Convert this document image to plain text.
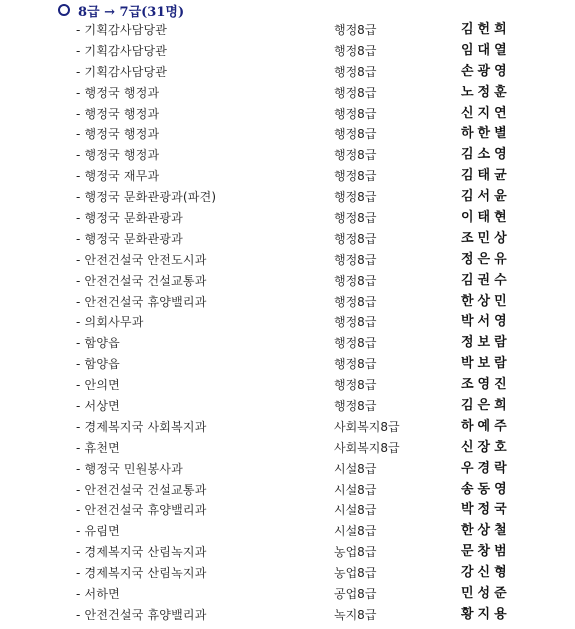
8급 → 7급(31명)
- 기획감사담당관	행정8급	김헌희
- 기획감사담당관	행정8급	임대열
- 기획감사담당관	행정8급	손광영
- 행정국 행정과	행정8급	노정훈
- 행정국 행정과	행정8급	신지연
- 행정국 행정과	행정8급	하한별
- 행정국 행정과	행정8급	김소영
- 행정국 재무과	행정8급	김태균
- 행정국 문화관광과(파견)	행정8급	김서윤
- 행정국 문화관광과	행정8급	이태현
- 행정국 문화관광과	행정8급	조민상
- 안전건설국 안전도시과	행정8급	정은유
- 안전건설국 건설교통과	행정8급	김권수
- 안전건설국 휴양밸리과	행정8급	한상민
- 의회사무과	행정8급	박서영
- 함양읍	행정8급	정보람
- 함양읍	행정8급	박보람
- 안의면	행정8급	조영진
- 서상면	행정8급	김은희
- 경제복지국 사회복지과	사회복지8급	하예주
- 휴천면	사회복지8급	신장호
- 행정국 민원봉사과	시설8급	우경락
- 안전건설국 건설교통과	시설8급	송동영
- 안전건설국 휴양밸리과	시설8급	박정국
- 유림면	시설8급	한상철
- 경제복지국 산림녹지과	농업8급	문창범
- 경제복지국 산림녹지과	농업8급	강신형
- 서하면	공업8급	민성준
- 안전건설국 휴양밸리과	녹지8급	황지용
